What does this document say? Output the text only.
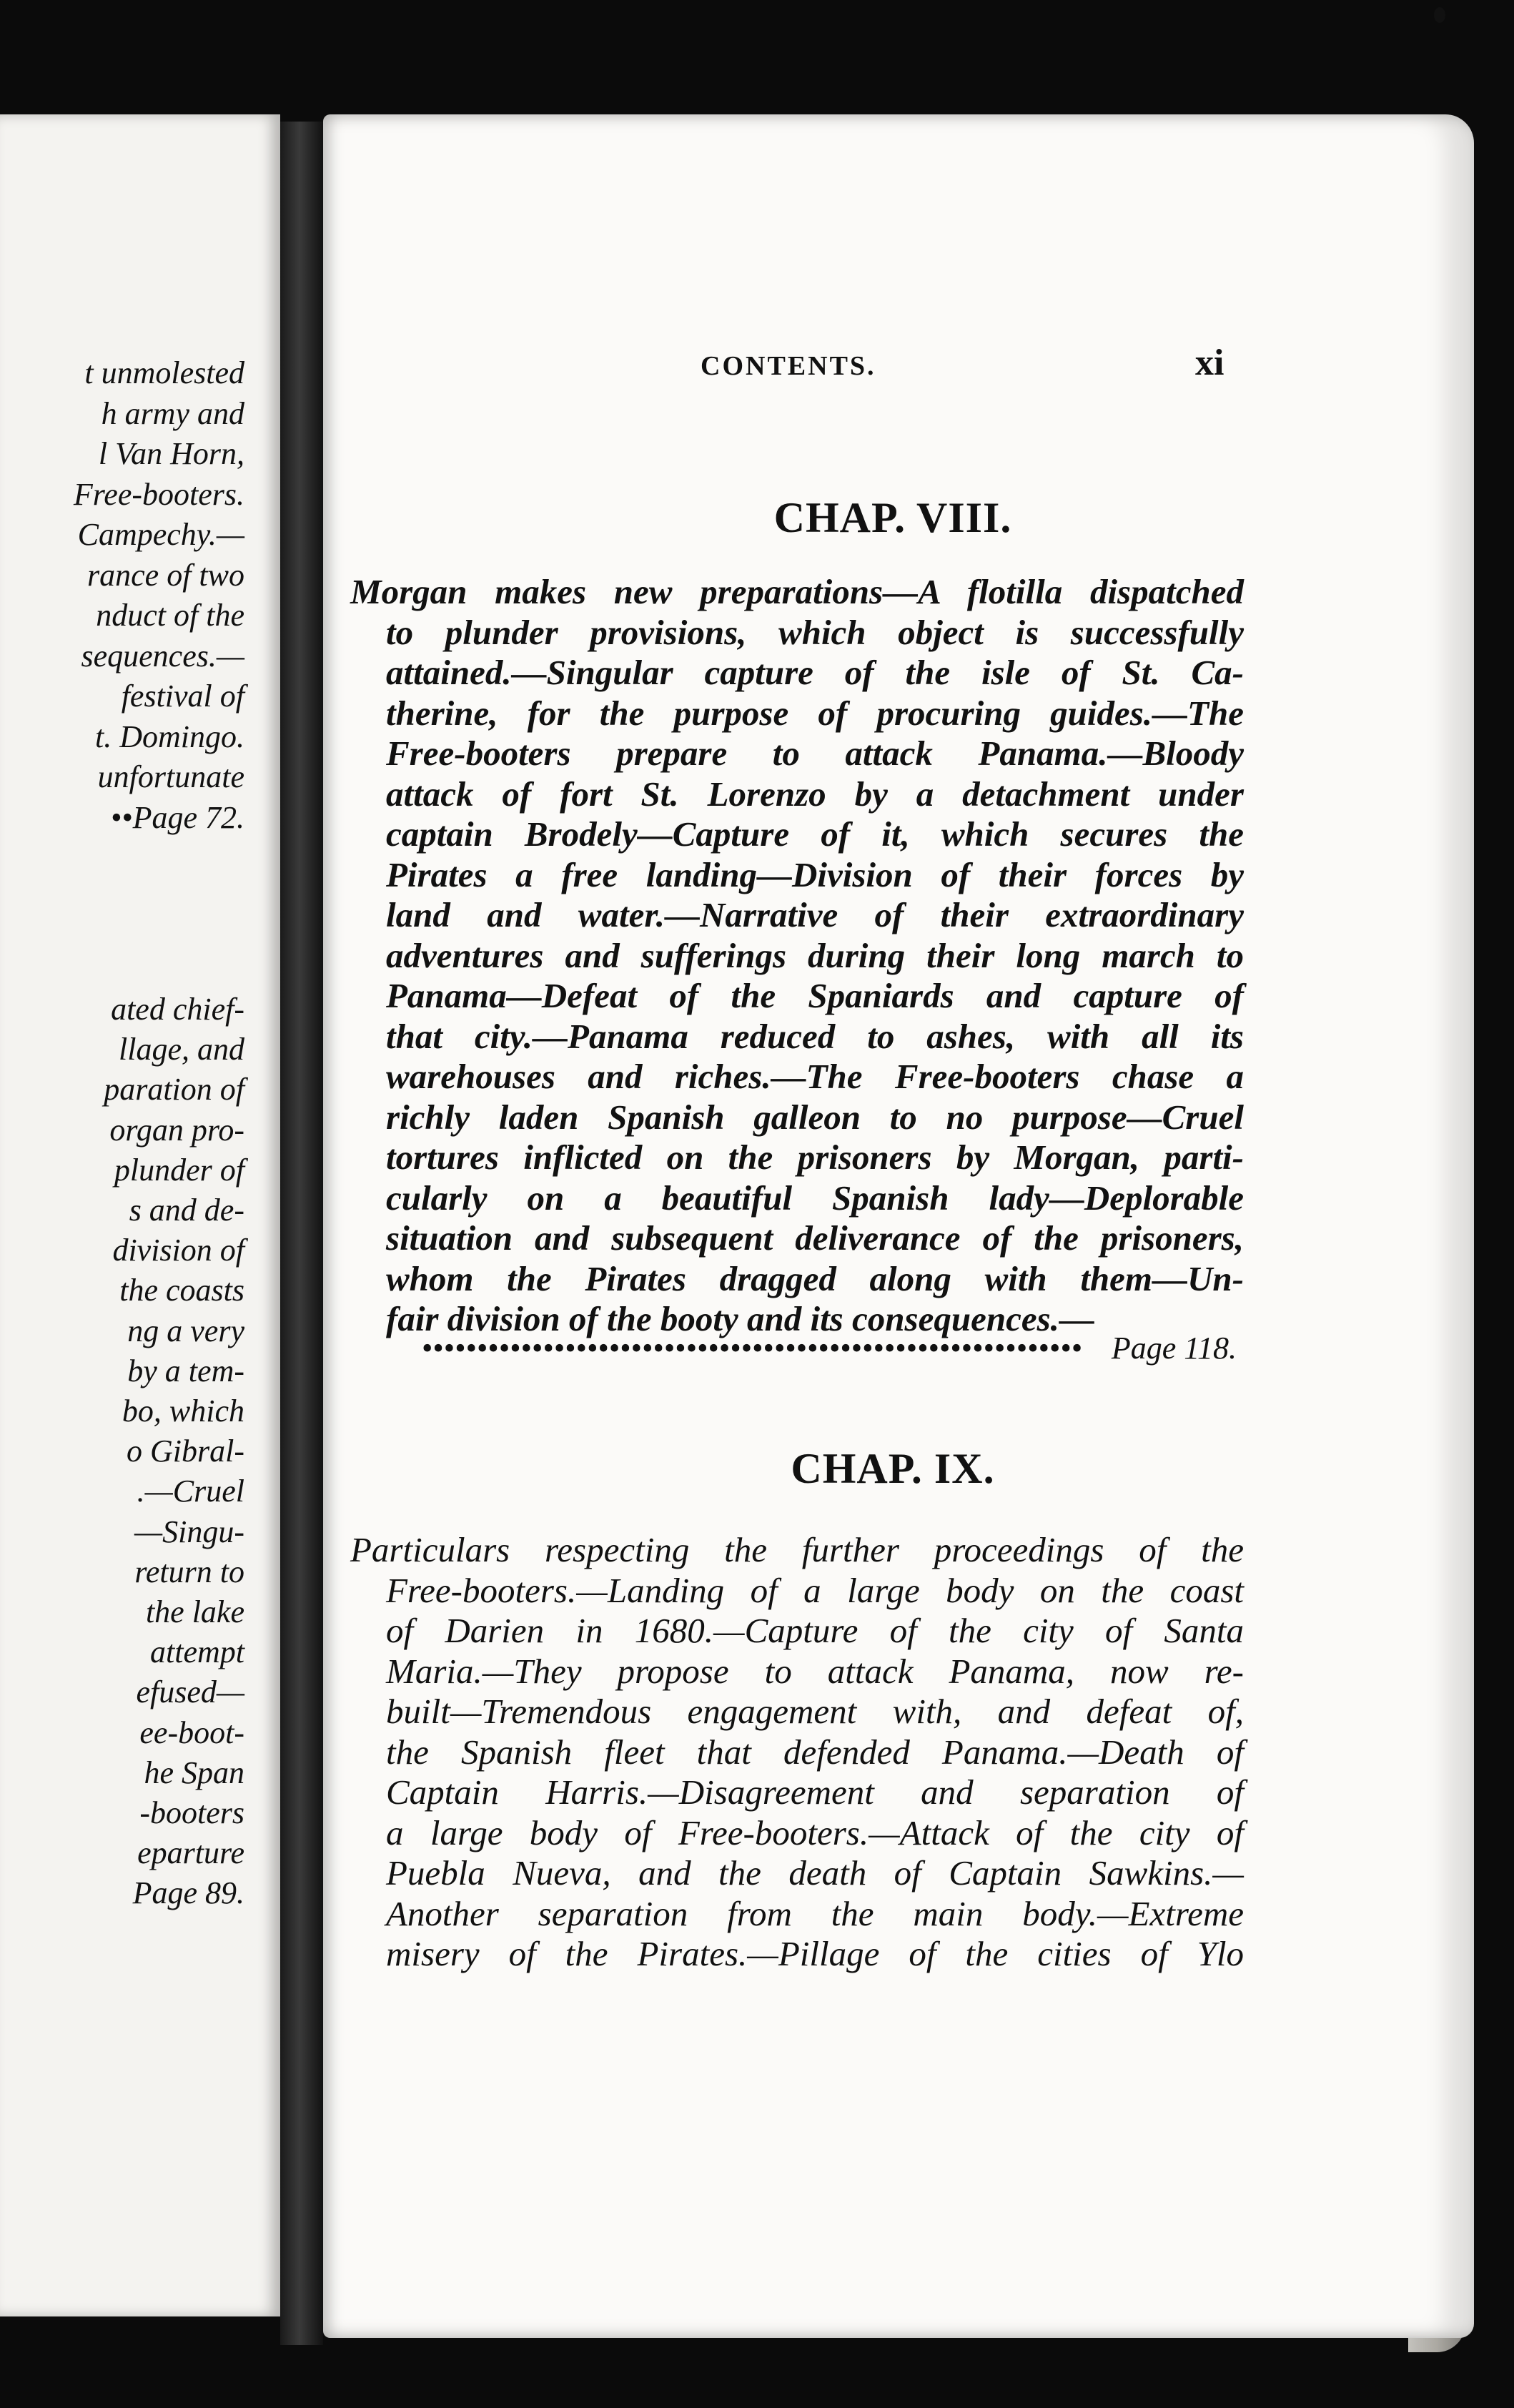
t unmolested
h army and
l Van Horn,
Free-booters.
Campechy.—
rance of two
nduct of the
sequences.—
festival of
t. Domingo.
unfortunate
••Page 72.
ated chief-
llage, and
paration of
organ pro-
plunder of
s and de-
division of
the coasts
ng a very
by a tem-
bo, which
o Gibral-
.—Cruel
—Singu-
return to
the lake
attempt
efused—
ee-boot-
he Span
-booters
eparture
Page 89.
CONTENTS.	xi
CHAP. VIII.
Morgan makes new preparations—A flotilla dispatched
to plunder provisions, which object is successfully
attained.—Singular capture of the isle of St. Ca-
therine, for the purpose of procuring guides.—The
Free-booters prepare to attack Panama.—Bloody
attack of fort St. Lorenzo by a detachment under
captain Brodely—Capture of it, which secures the
Pirates a free landing—Division of their forces by
land and water.—Narrative of their extraordinary
adventures and sufferings during their long march to
Panama—Defeat of the Spaniards and capture of
that city.—Panama reduced to ashes, with all its
warehouses and riches.—The Free-booters chase a
richly laden Spanish galleon to no purpose—Cruel
tortures inflicted on the prisoners by Morgan, parti-
cularly on a beautiful Spanish lady—Deplorable
situation and subsequent deliverance of the prisoners,
whom the Pirates dragged along with them—Un-
fair division of the booty and its consequences.—
•••••••••••••••••••••••••••••••••••••••••••••••••••••••••••• Page 118.
CHAP. IX.
Particulars respecting the further proceedings of the
Free-booters.—Landing of a large body on the coast
of Darien in 1680.—Capture of the city of Santa
Maria.—They propose to attack Panama, now re-
built—Tremendous engagement with, and defeat of,
the Spanish fleet that defended Panama.—Death of
Captain Harris.—Disagreement and separation of
a large body of Free-booters.—Attack of the city of
Puebla Nueva, and the death of Captain Sawkins.—
Another separation from the main body.—Extreme
misery of the Pirates.—Pillage of the cities of Ylo
